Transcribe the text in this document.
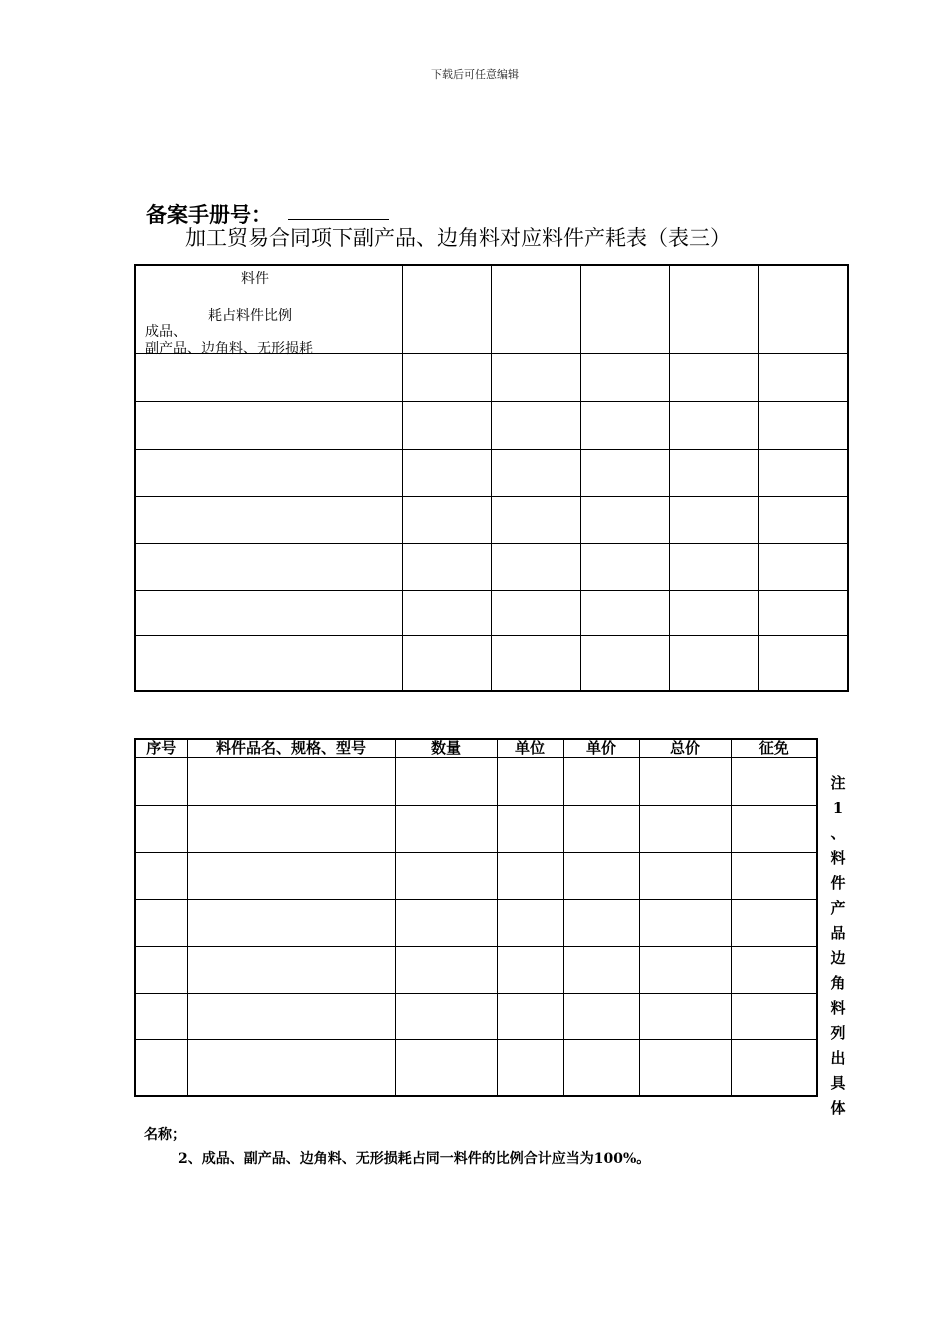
下载后可任意编辑
备案手册号：
加工贸易合同项下副产品、边角料对应料件产耗表（表三）
料件
耗占料件比例
成品、
副产品、边角料、无形损耗					

序号	料件品名、规格、型号	数量	单位	单价	总价	征免

注
1
、
料
件
产
品
边
角
料
列
出
具
体
名称；
2、成品、副产品、边角料、无形损耗占同一料件的比例合计应当为100%。
